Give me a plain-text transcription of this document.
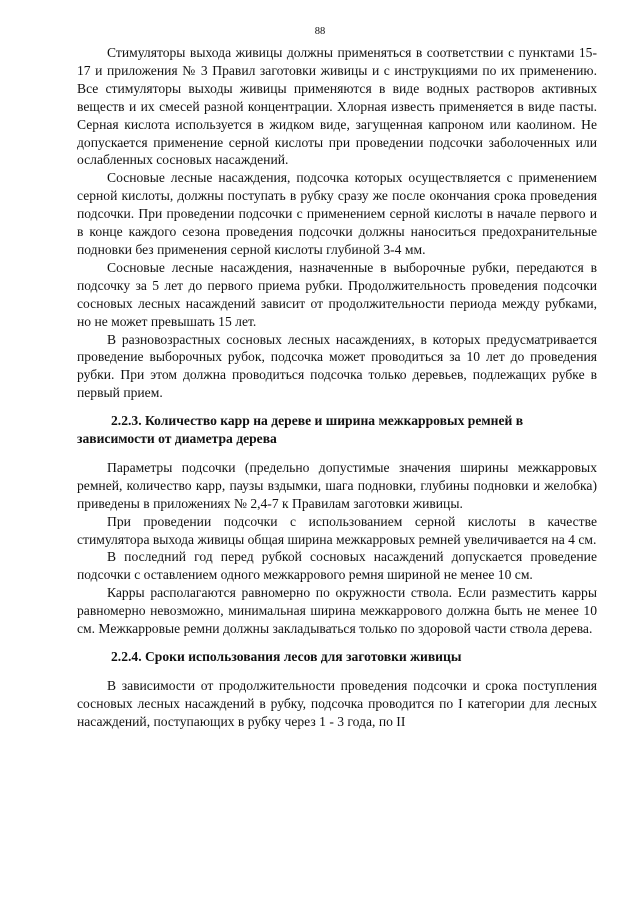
88

Стимуляторы выхода живицы должны применяться в соответствии с пунктами 15-17 и приложения № 3 Правил заготовки живицы и с инструкциями по их применению. Все стимуляторы выходы живицы применяются в виде водных растворов активных веществ и их смесей разной концентрации. Хлорная известь применяется в виде пасты. Серная кислота используется в жидком виде, загущенная капроном или каолином. Не допускается применение серной кислоты при проведении подсочки заболоченных или ослабленных сосновых насаждений.

Сосновые лесные насаждения, подсочка которых осуществляется с применением серной кислоты, должны поступать в рубку сразу же после окончания срока проведения подсочки. При проведении подсочки с применением серной кислоты в начале первого и в конце каждого сезона проведения подсочки должны наноситься предохранительные подновки без применения серной кислоты глубиной 3-4 мм.

Сосновые лесные насаждения, назначенные в выборочные рубки, передаются в подсочку за 5 лет до первого приема рубки. Продолжительность проведения подсочки сосновых лесных насаждений зависит от продолжительности периода между рубками, но не может превышать 15 лет.

В разновозрастных сосновых лесных насаждениях, в которых предусматривается проведение выборочных рубок, подсочка может проводиться за 10 лет до проведения рубки. При этом должна проводиться подсочка только деревьев, подлежащих рубке в первый прием.

2.2.3. Количество карр на дереве и ширина межкарровых ремней в зависимости от диаметра дерева

Параметры подсочки (предельно допустимые значения ширины межкарровых ремней, количество карр, паузы вздымки, шага подновки, глубины подновки и желобка) приведены в приложениях № 2,4-7 к Правилам заготовки живицы.

При проведении подсочки с использованием серной кислоты в качестве стимулятора выхода живицы общая ширина межкарровых ремней увеличивается на 4 см.

В последний год перед рубкой сосновых насаждений допускается проведение подсочки с оставлением одного межкаррового ремня шириной не менее 10 см.

Карры располагаются равномерно по окружности ствола. Если разместить карры равномерно невозможно, минимальная ширина межкаррового должна быть не менее 10 см. Межкарровые ремни должны закладываться только по здоровой части ствола дерева.

2.2.4. Сроки использования лесов для заготовки живицы

В зависимости от продолжительности проведения подсочки и срока поступления сосновых лесных насаждений в рубку, подсочка проводится по I категории для лесных насаждений, поступающих в рубку через 1 - 3 года, по II
